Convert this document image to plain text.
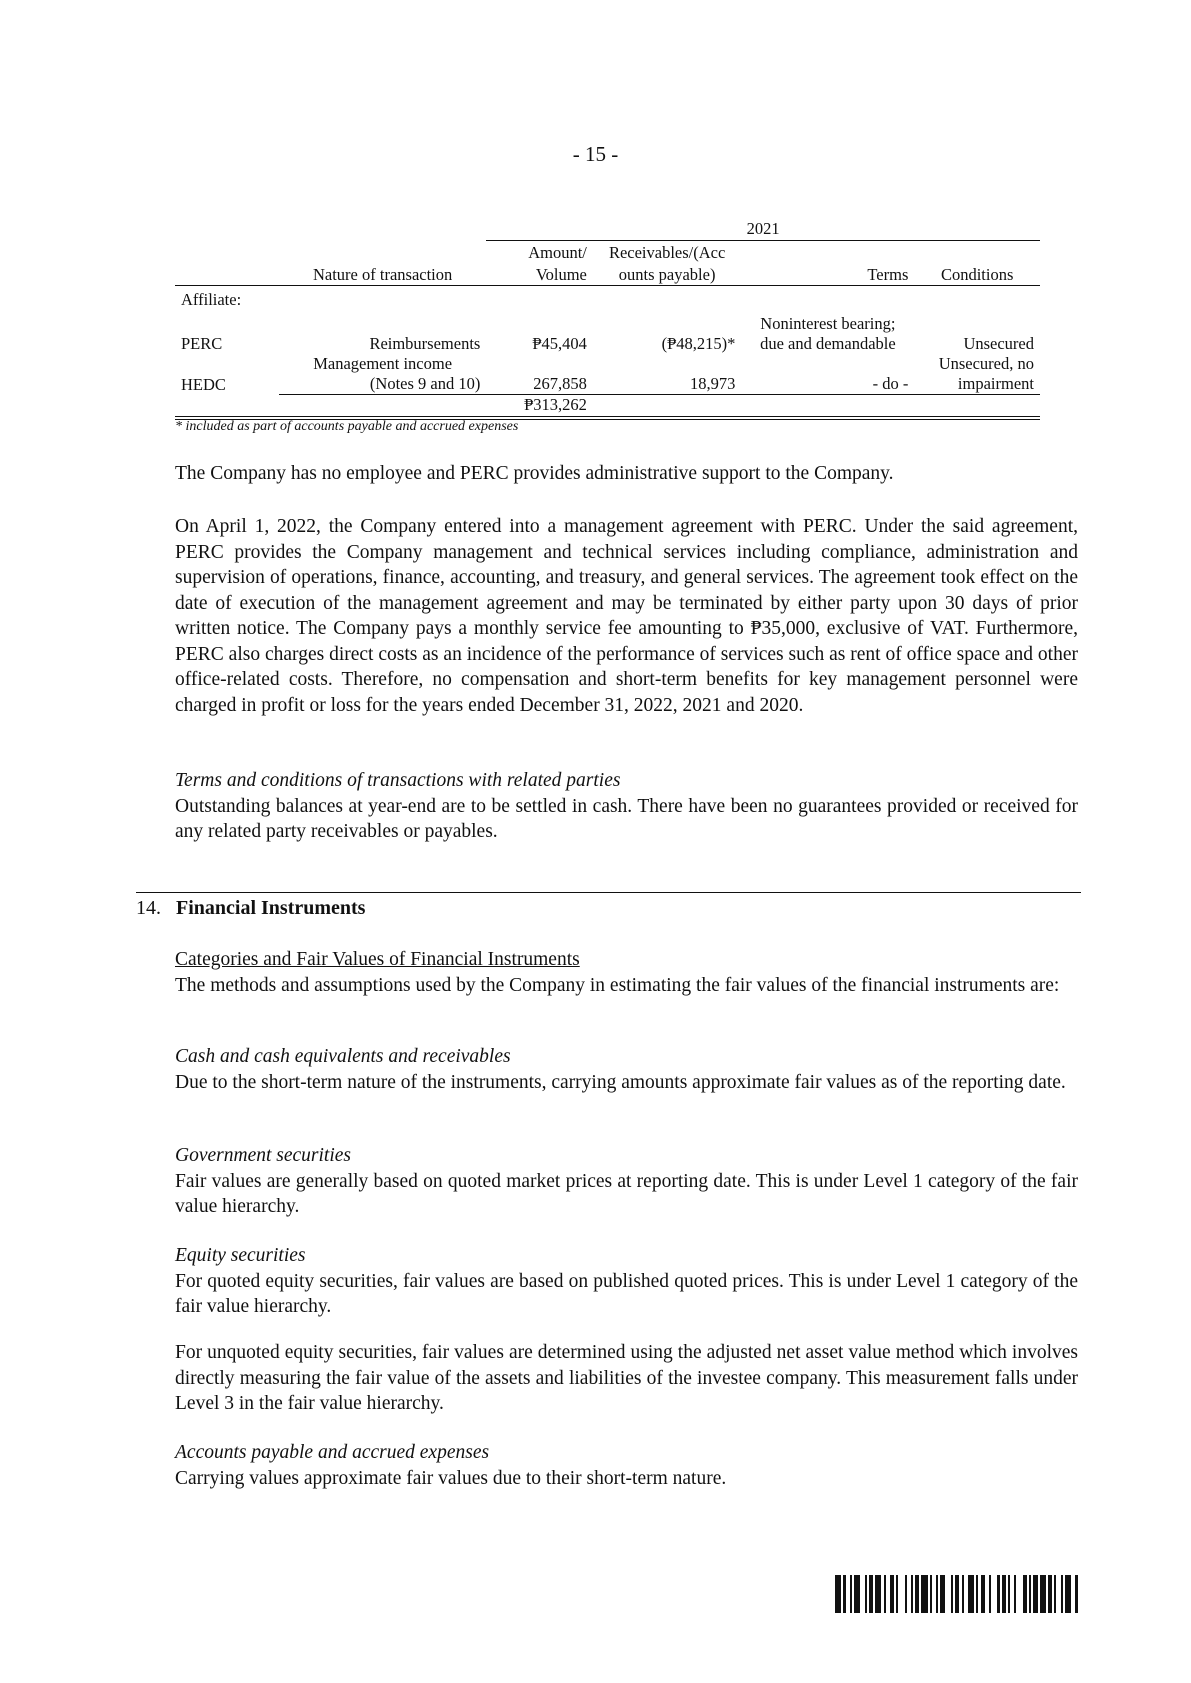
- 15 -
		2021			
		Amount/	Receivables/(Acc		
	Nature of transaction	Volume	ounts payable)	Terms	Conditions
Affiliate:					

				Noninterest bearing;	
PERC	Reimbursements	₱45,404	(₱48,215)*	due and demandable	Unsecured
	Management income				Unsecured, no
HEDC	(Notes 9 and 10)	267,858	18,973	- do -	impairment
		₱313,262			
* included as part of accounts payable and accrued expenses

The Company has no employee and PERC provides administrative support to the Company.

On April 1, 2022, the Company entered into a management agreement with PERC. Under the said agreement, PERC provides the Company management and technical services including compliance, administration and supervision of operations, finance, accounting, and treasury, and general services. The agreement took effect on the date of execution of the management agreement and may be terminated by either party upon 30 days of prior written notice. The Company pays a monthly service fee amounting to ₱35,000, exclusive of VAT. Furthermore, PERC also charges direct costs as an incidence of the performance of services such as rent of office space and other office-related costs. Therefore, no compensation and short-term benefits for key management personnel were charged in profit or loss for the years ended December 31, 2022, 2021 and 2020.

Terms and conditions of transactions with related parties

Outstanding balances at year-end are to be settled in cash. There have been no guarantees provided or received for any related party receivables or payables.

14. Financial Instruments

Categories and Fair Values of Financial Instruments

The methods and assumptions used by the Company in estimating the fair values of the financial instruments are:

Cash and cash equivalents and receivables

Due to the short-term nature of the instruments, carrying amounts approximate fair values as of the reporting date.

Government securities

Fair values are generally based on quoted market prices at reporting date. This is under Level 1 category of the fair value hierarchy.

Equity securities

For quoted equity securities, fair values are based on published quoted prices. This is under Level 1 category of the fair value hierarchy.

For unquoted equity securities, fair values are determined using the adjusted net asset value method which involves directly measuring the fair value of the assets and liabilities of the investee company. This measurement falls under Level 3 in the fair value hierarchy.

Accounts payable and accrued expenses

Carrying values approximate fair values due to their short-term nature.
